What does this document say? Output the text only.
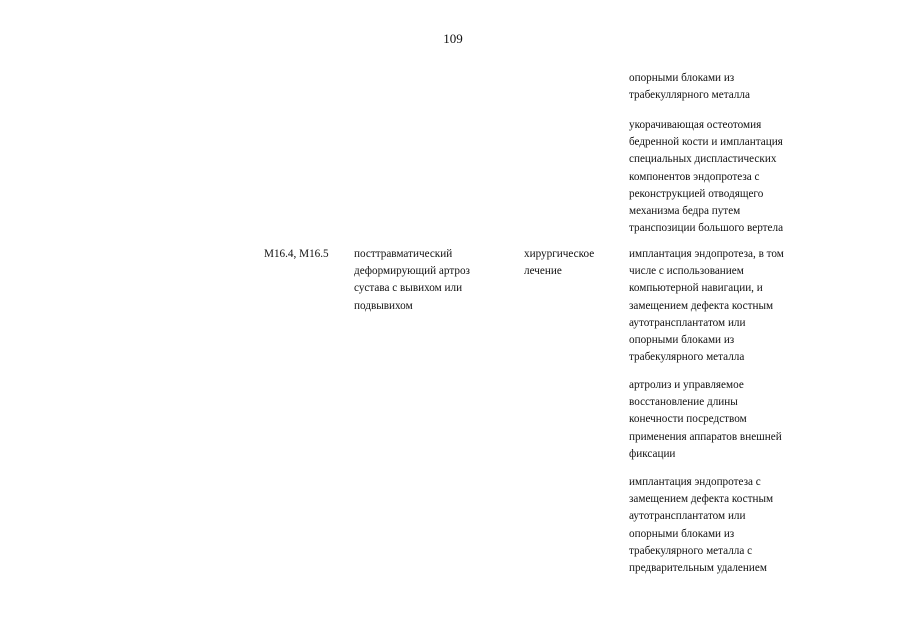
109
опорными блоками из
трабекуллярного металла
укорачивающая остеотомия
бедренной кости и имплантация
специальных диспластических
компонентов эндопротеза с
реконструкцией отводящего
механизма бедра путем
транспозиции большого вертела
M16.4, M16.5	посттравматический
деформирующий артроз
сустава с вывихом или
подвывихом
хирургическое
лечение
имплантация эндопротеза, в том
числе с использованием
компьютерной навигации, и
замещением дефекта костным
аутотрансплантатом или
опорными блоками из
трабекулярного металла
артролиз и управляемое
восстановление длины
конечности посредством
применения аппаратов внешней
фиксации
имплантация эндопротеза с
замещением дефекта костным
аутотрансплантатом или
опорными блоками из
трабекулярного металла с
предварительным удалением
